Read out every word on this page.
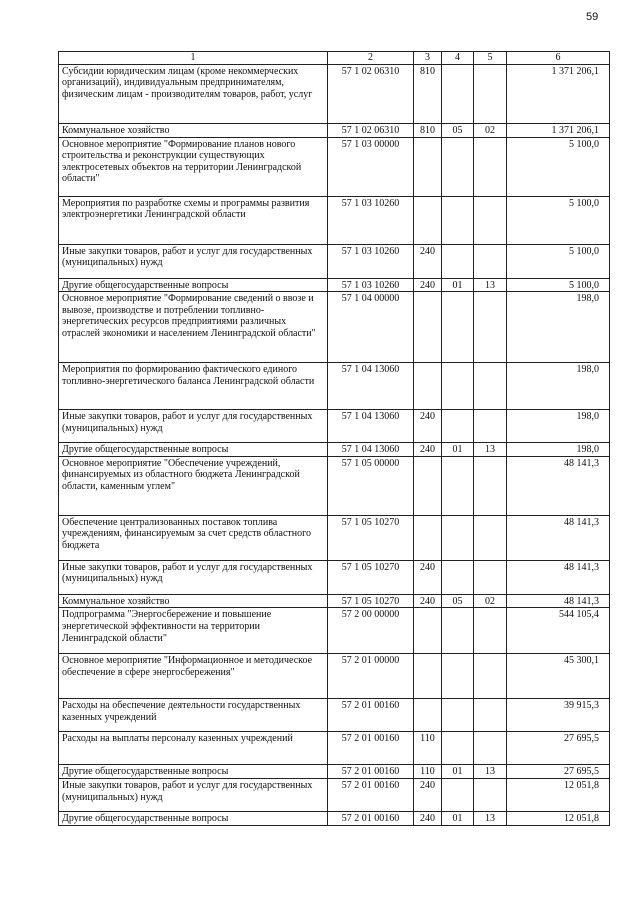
59
1	2	3	4	5	6
Субсидии юридическим лицам (кроме некоммерческих организаций), индивидуальным предпринимателям, физическим лицам - производителям товаров, работ, услуг	57 1 02 06310	810			1 371 206,1
Коммунальное хозяйство	57 1 02 06310	810	05	02	1 371 206,1
Основное мероприятие "Формирование планов нового строительства и реконструкции существующих электросетевых объектов на территории Ленинградской области"	57 1 03 00000				5 100,0
Мероприятия по разработке схемы и программы развития электроэнергетики Ленинградской области	57 1 03 10260				5 100,0
Иные закупки товаров, работ и услуг для государственных (муниципальных) нужд	57 1 03 10260	240			5 100,0
Другие общегосударственные вопросы	57 1 03 10260	240	01	13	5 100,0
Основное мероприятие "Формирование сведений о ввозе и вывозе, производстве и потреблении топливно-энергетических ресурсов предприятиями различных отраслей экономики и населением Ленинградской области"	57 1 04 00000				198,0
Мероприятия по формированию фактического единого топливно-энергетического баланса Ленинградской области	57 1 04 13060				198,0
Иные закупки товаров, работ и услуг для государственных (муниципальных) нужд	57 1 04 13060	240			198,0
Другие общегосударственные вопросы	57 1 04 13060	240	01	13	198,0
Основное мероприятие "Обеспечение учреждений, финансируемых из областного бюджета Ленинградской области, каменным углем"	57 1 05 00000				48 141,3
Обеспечение централизованных поставок топлива учреждениям, финансируемым за счет средств областного бюджета	57 1 05 10270				48 141,3
Иные закупки товаров, работ и услуг для государственных (муниципальных) нужд	57 1 05 10270	240			48 141,3
Коммунальное хозяйство	57 1 05 10270	240	05	02	48 141,3
Подпрограмма "Энергосбережение и повышение энергетической эффективности на территории Ленинградской области"	57 2 00 00000				544 105,4
Основное мероприятие "Информационное и методическое обеспечение в сфере энергосбережения"	57 2 01 00000				45 300,1
Расходы на обеспечение деятельности государственных казенных учреждений	57 2 01 00160				39 915,3
Расходы на выплаты персоналу казенных учреждений	57 2 01 00160	110			27 695,5
Другие общегосударственные вопросы	57 2 01 00160	110	01	13	27 695,5
Иные закупки товаров, работ и услуг для государственных (муниципальных) нужд	57 2 01 00160	240			12 051,8
Другие общегосударственные вопросы	57 2 01 00160	240	01	13	12 051,8
